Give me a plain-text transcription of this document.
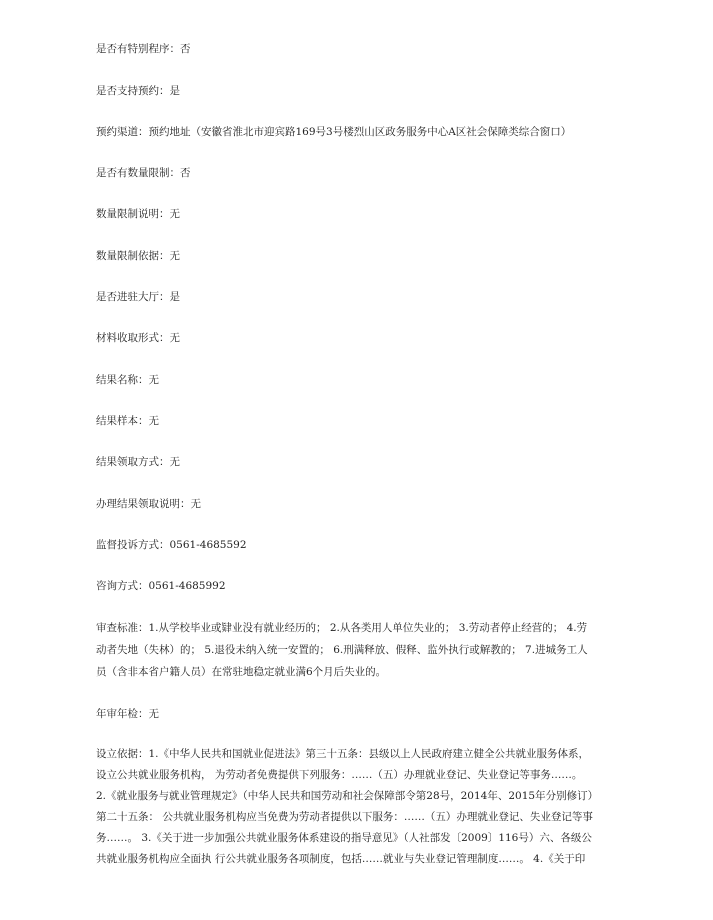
是否有特别程序：否
是否支持预约：是
预约渠道：预约地址（安徽省淮北市迎宾路169号3号楼烈山区政务服务中心A区社会保障类综合窗口）
是否有数量限制：否
数量限制说明：无
数量限制依据：无
是否进驻大厅：是
材料收取形式：无
结果名称：无
结果样本：无
结果领取方式：无
办理结果领取说明：无
监督投诉方式：0561-4685592
咨询方式：0561-4685992
审查标准：1.从学校毕业或肄业没有就业经历的； 2.从各类用人单位失业的； 3.劳动者停止经营的； 4.劳
动者失地（失林）的； 5.退役未纳入统一安置的； 6.刑满释放、假释、监外执行或解教的； 7.进城务工人
员（含非本省户籍人员）在常驻地稳定就业满6个月后失业的。
年审年检：无
设立依据：1.《中华人民共和国就业促进法》第三十五条：县级以上人民政府建立健全公共就业服务体系，
设立公共就业服务机构， 为劳动者免费提供下列服务：……（五）办理就业登记、失业登记等事务……。
2.《就业服务与就业管理规定》（中华人民共和国劳动和社会保障部令第28号，2014年、2015年分别修订）
第二十五条： 公共就业服务机构应当免费为劳动者提供以下服务：……（五）办理就业登记、失业登记等事
务……。 3.《关于进一步加强公共就业服务体系建设的指导意见》（人社部发〔2009〕116号）六、各级公
共就业服务机构应全面执 行公共就业服务各项制度，包括……就业与失业登记管理制度……。 4.《关于印
